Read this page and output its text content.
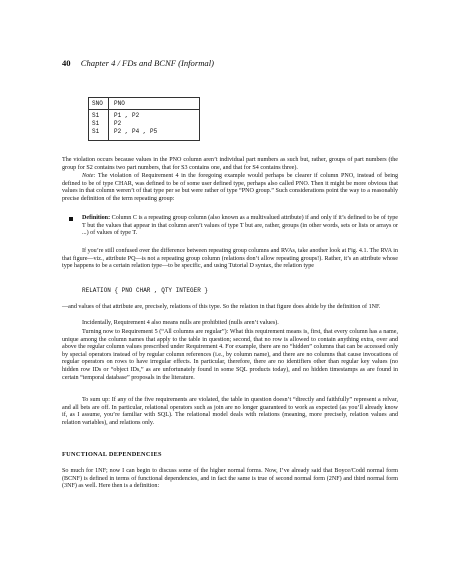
40 Chapter 4 / FDs and BCNF (Informal)
SNO PNO
S1 P1 , P2
S1 P2
S1 P2 , P4 , P5

The violation occurs because values in the PNO column aren’t individual part numbers as such but, rather, groups of part numbers (the group for S2 contains two part numbers, that for S3 contains one, and that for S4 contains three).

Note: The violation of Requirement 4 in the foregoing example would perhaps be clearer if column PNO, instead of being defined to be of type CHAR, was defined to be of some user defined type, perhaps also called PNO. Then it might be more obvious that values in that column weren’t of that type per se but were rather of type “PNO group.” Such considerations point the way to a reasonably precise definition of the term repeating group:

Definition: Column C is a repeating group column (also known as a multivalued attribute) if and only if it’s defined to be of type T but the values that appear in that column aren’t values of type T but are, rather, groups (in other words, sets or lists or arrays or ...) of values of type T.

If you’re still confused over the difference between repeating group columns and RVAs, take another look at Fig. 4.1. The RVA in that figure—viz., attribute PQ—is not a repeating group column (relations don’t allow repeating groups!). Rather, it’s an attribute whose type happens to be a certain relation type—to be specific, and using Tutorial D syntax, the relation type

RELATION { PNO CHAR , QTY INTEGER }

—and values of that attribute are, precisely, relations of this type. So the relation in that figure does abide by the definition of 1NF.

Incidentally, Requirement 4 also means nulls are prohibited (nulls aren’t values).

Turning now to Requirement 5 (“All columns are regular”): What this requirement means is, first, that every column has a name, unique among the column names that apply to the table in question; second, that no row is allowed to contain anything extra, over and above the regular column values prescribed under Requirement 4. For example, there are no “hidden” columns that can be accessed only by special operators instead of by regular column references (i.e., by column name), and there are no columns that cause invocations of regular operators on rows to have irregular effects. In particular, therefore, there are no identifiers other than regular key values (no hidden row IDs or “object IDs,” as are unfortunately found in some SQL products today), and no hidden timestamps as are found in certain “temporal database” proposals in the literature.

To sum up: If any of the five requirements are violated, the table in question doesn’t “directly and faithfully” represent a relvar, and all bets are off. In particular, relational operators such as join are no longer guaranteed to work as expected (as you’ll already know if, as I assume, you’re familiar with SQL). The relational model deals with relations (meaning, more precisely, relation values and relation variables), and relations only.

FUNCTIONAL DEPENDENCIES

So much for 1NF; now I can begin to discuss some of the higher normal forms. Now, I’ve already said that Boyce/Codd normal form (BCNF) is defined in terms of functional dependencies, and in fact the same is true of second normal form (2NF) and third normal form (3NF) as well. Here then is a definition:
